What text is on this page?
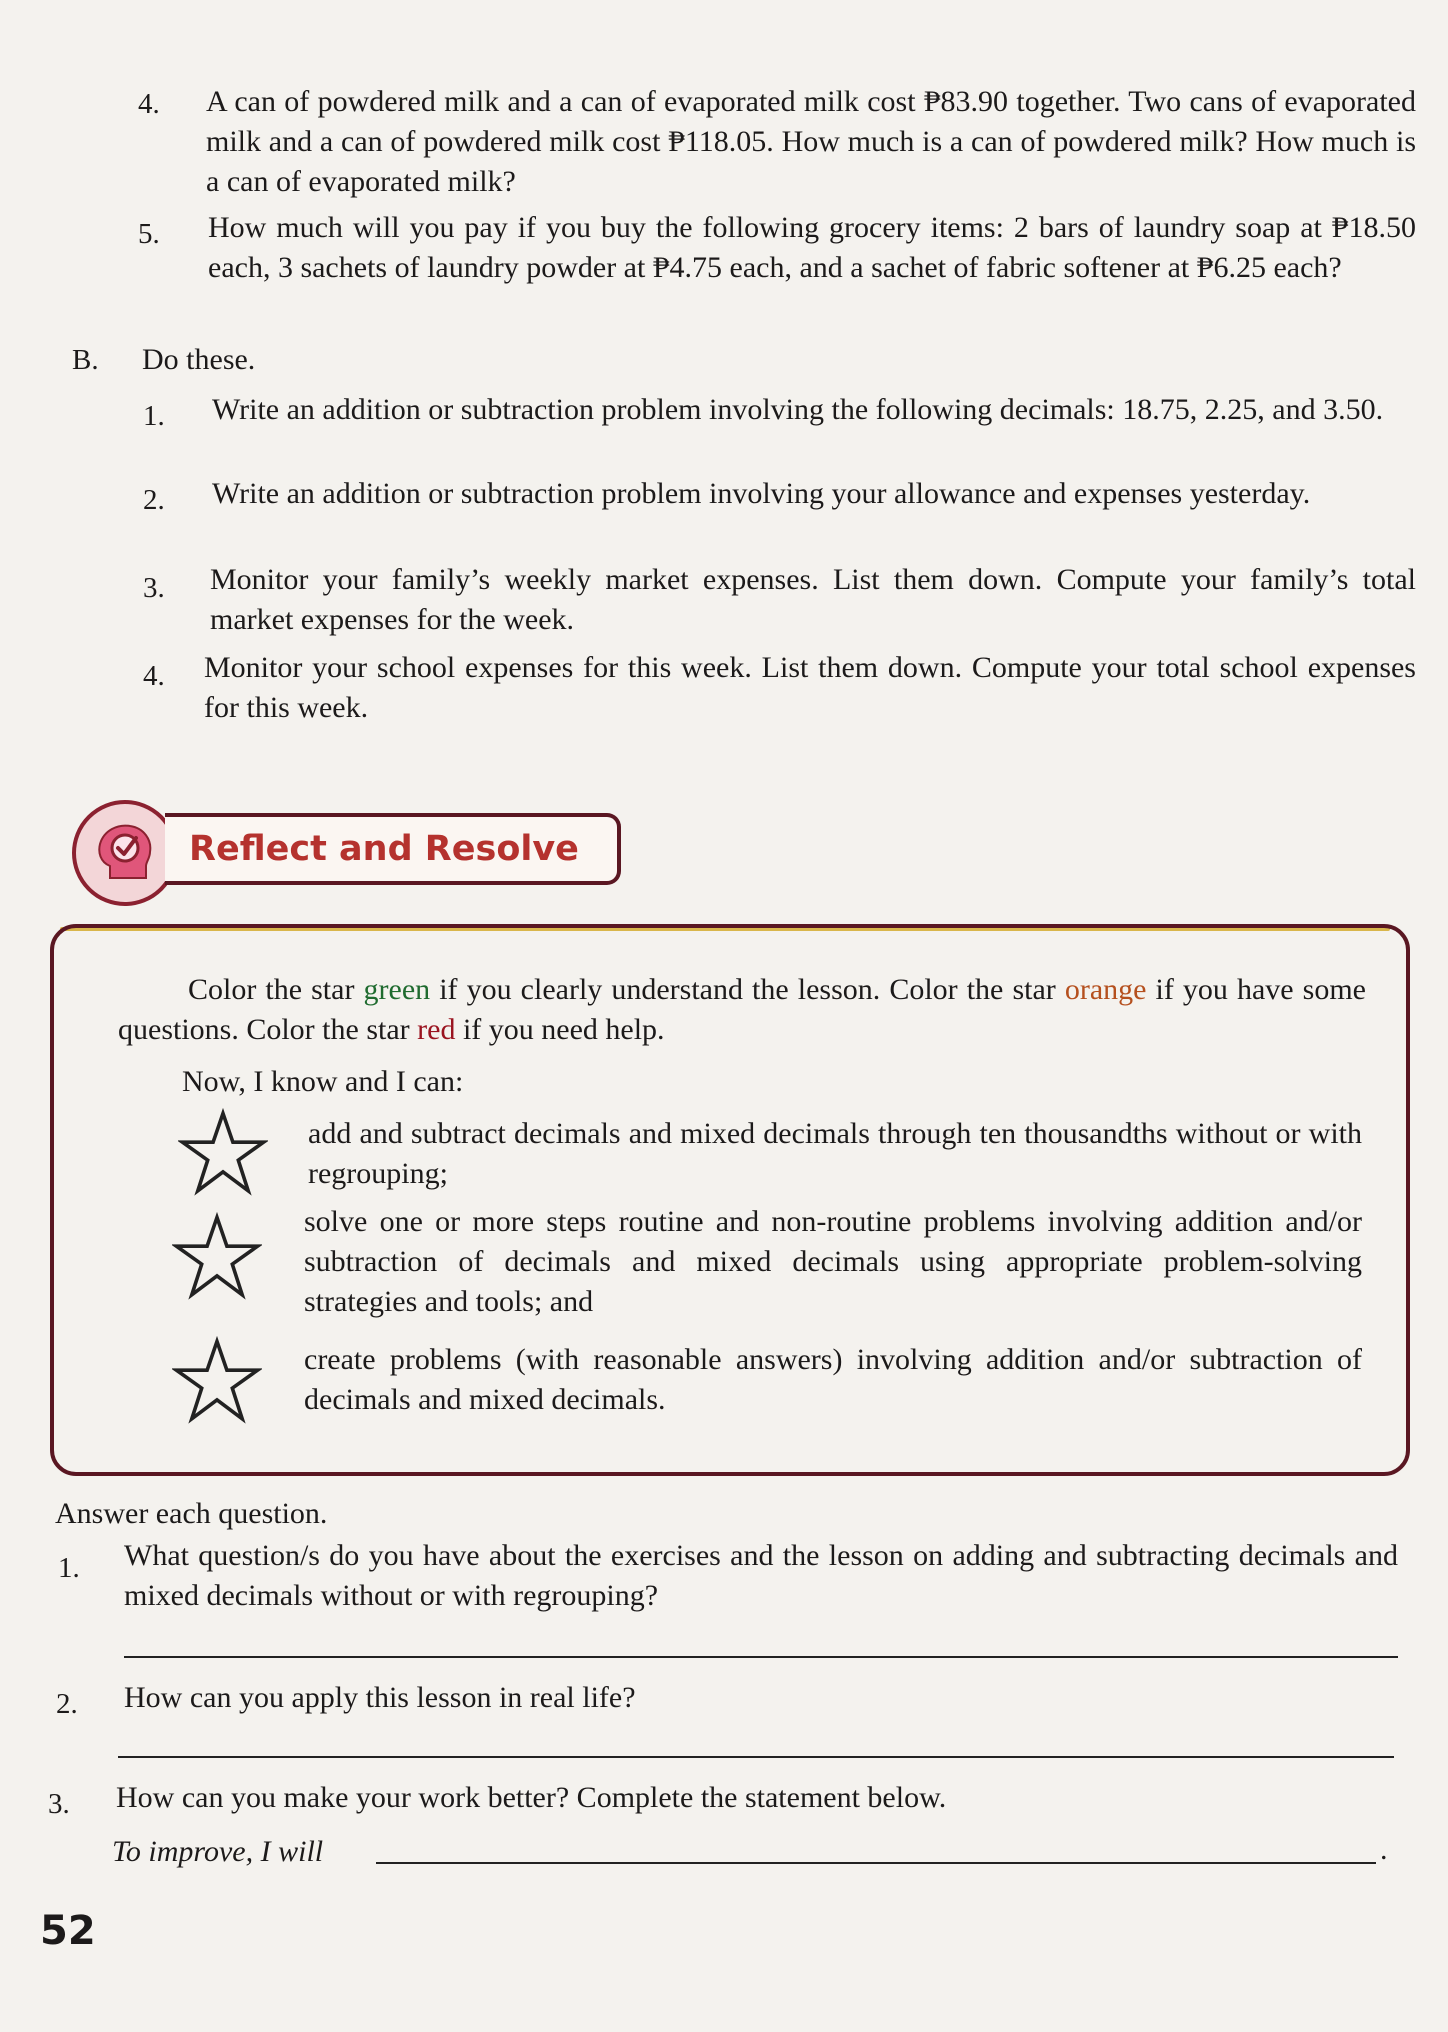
4. A can of powdered milk and a can of evaporated milk cost ₱83.90 together. Two cans of evaporated milk and a can of powdered milk cost ₱118.05. How much is a can of powdered milk? How much is a can of evaporated milk?
5. How much will you pay if you buy the following grocery items: 2 bars of laundry soap at ₱18.50 each, 3 sachets of laundry powder at ₱4.75 each, and a sachet of fabric softener at ₱6.25 each?
B. Do these.
1. Write an addition or subtraction problem involving the following decimals: 18.75, 2.25, and 3.50.
2. Write an addition or subtraction problem involving your allowance and expenses yesterday.
3. Monitor your family’s weekly market expenses. List them down. Compute your family’s total market expenses for the week.
4. Monitor your school expenses for this week. List them down. Compute your total school expenses for this week.
Reflect and Resolve
Color the star green if you clearly understand the lesson. Color the star orange if you have some questions. Color the star red if you need help.
Now, I know and I can:
add and subtract decimals and mixed decimals through ten thousandths without or with regrouping;
solve one or more steps routine and non-routine problems involving addition and/or subtraction of decimals and mixed decimals using appropriate problem-solving strategies and tools; and
create problems (with reasonable answers) involving addition and/or subtraction of decimals and mixed decimals.
Answer each question.
1. What question/s do you have about the exercises and the lesson on adding and subtracting decimals and mixed decimals without or with regrouping?
2. How can you apply this lesson in real life?
3. How can you make your work better? Complete the statement below.
To improve, I will	.
52
